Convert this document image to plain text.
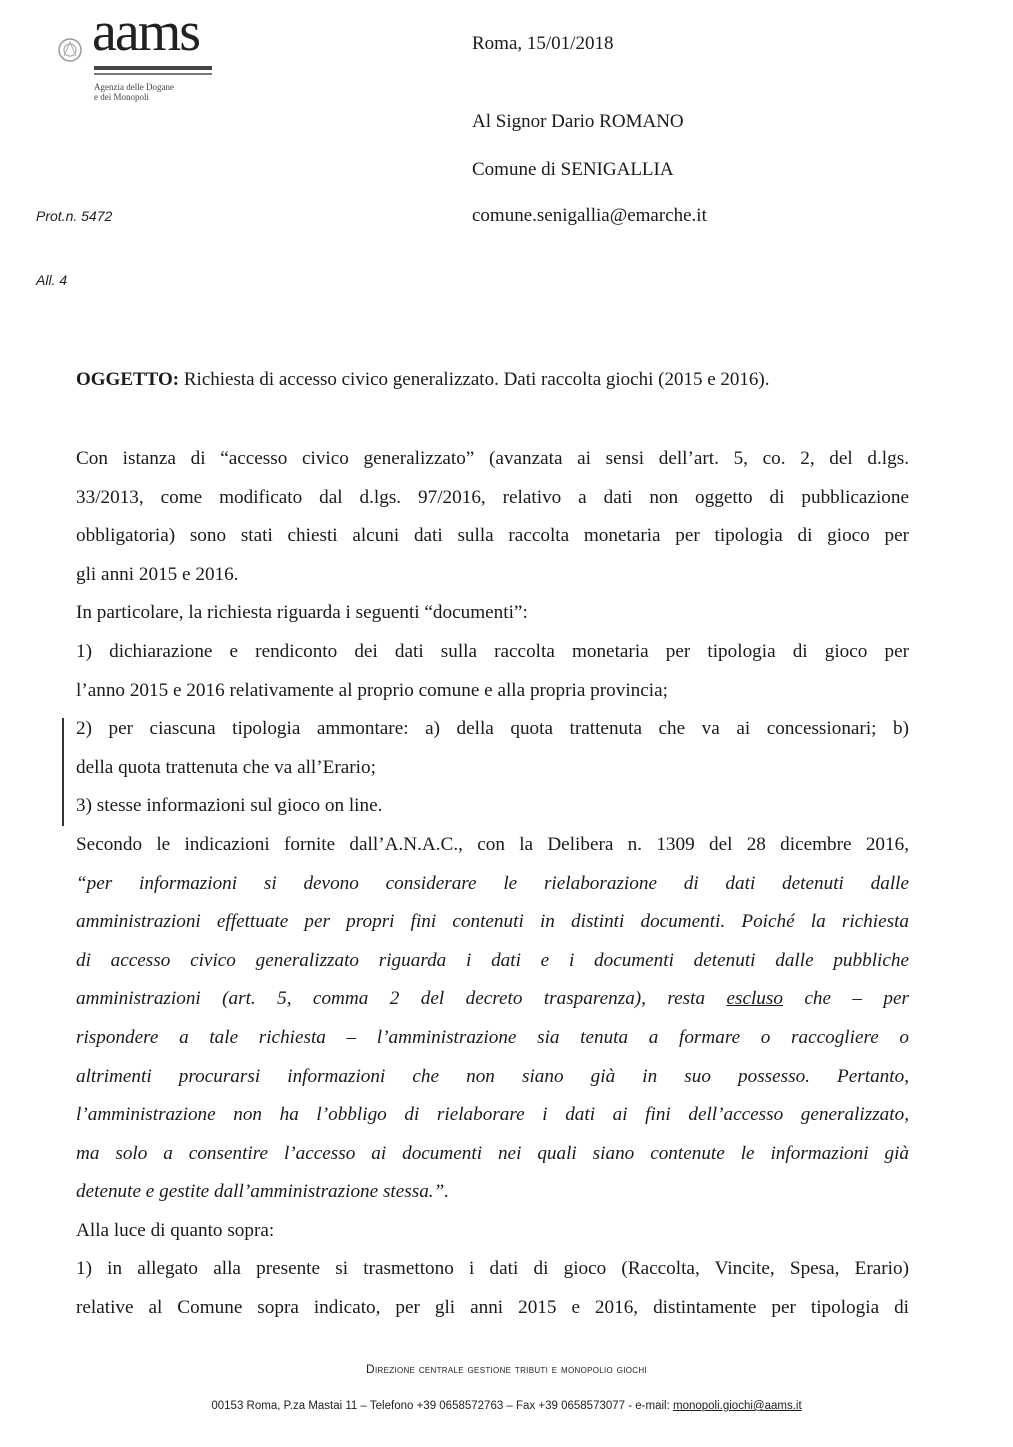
aams
Agenzia delle Dogane
e dei Monopoli
Roma, 15/01/2018
Al Signor Dario ROMANO
Comune di SENIGALLIA
comune.senigallia@emarche.it
Prot.n. 5472
All. 4
OGGETTO: Richiesta di accesso civico generalizzato. Dati raccolta giochi (2015 e 2016).
Con istanza di “accesso civico generalizzato” (avanzata ai sensi dell’art. 5, co. 2, del d.lgs.
33/2013, come modificato dal d.lgs. 97/2016, relativo a dati non oggetto di pubblicazione
obbligatoria) sono stati chiesti alcuni dati sulla raccolta monetaria per tipologia di gioco per
gli anni 2015 e 2016.
In particolare, la richiesta riguarda i seguenti “documenti”:
1) dichiarazione e rendiconto dei dati sulla raccolta monetaria per tipologia di gioco per
l’anno 2015 e 2016 relativamente al proprio comune e alla propria provincia;
2) per ciascuna tipologia ammontare: a) della quota trattenuta che va ai concessionari; b)
della quota trattenuta che va all’Erario;
3) stesse informazioni sul gioco on line.
Secondo le indicazioni fornite dall’A.N.A.C., con la Delibera n. 1309 del 28 dicembre 2016,
“per informazioni si devono considerare le rielaborazione di dati detenuti dalle
amministrazioni effettuate per propri fini contenuti in distinti documenti. Poiché la richiesta
di accesso civico generalizzato riguarda i dati e i documenti detenuti dalle pubbliche
amministrazioni (art. 5, comma 2 del decreto trasparenza), resta escluso che – per
rispondere a tale richiesta – l’amministrazione sia tenuta a formare o raccogliere o
altrimenti procurarsi informazioni che non siano già in suo possesso. Pertanto,
l’amministrazione non ha l’obbligo di rielaborare i dati ai fini dell’accesso generalizzato,
ma solo a consentire l’accesso ai documenti nei quali siano contenute le informazioni già
detenute e gestite dall’amministrazione stessa.”.
Alla luce di quanto sopra:
1) in allegato alla presente si trasmettono i dati di gioco (Raccolta, Vincite, Spesa, Erario)
relative al Comune sopra indicato, per gli anni 2015 e 2016, distintamente per tipologia di
Direzione centrale gestione tributi e monopolio giochi
00153 Roma, P.za Mastai 11 – Telefono +39 0658572763 – Fax +39 0658573077 - e-mail: monopoli.giochi@aams.it
